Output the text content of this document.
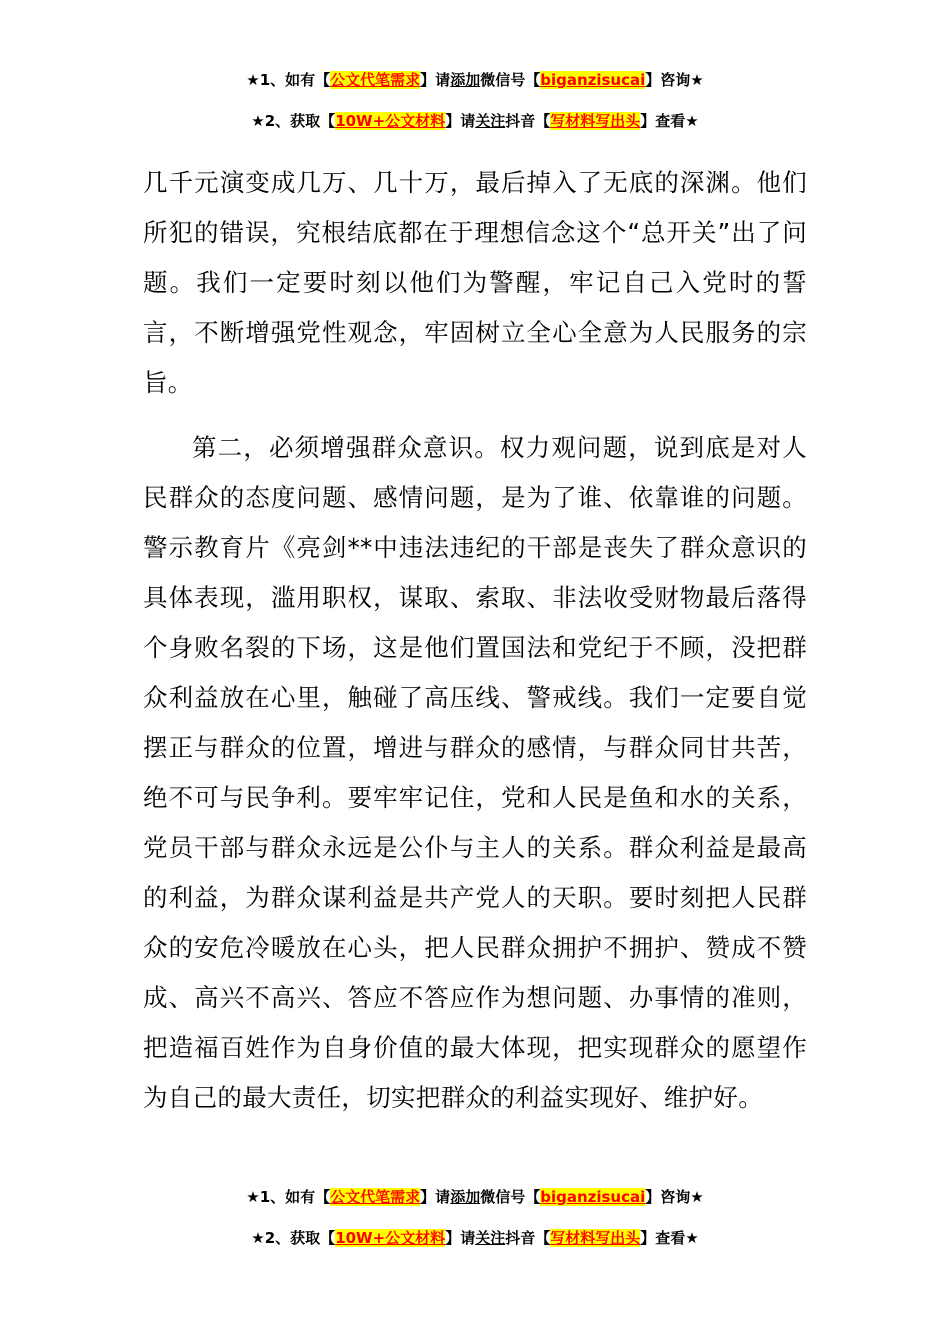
★1、如有【公文代笔需求】请添加微信号【biganzisucai】咨询★
★2、获取【10W+公文材料】请关注抖音【写材料写出头】查看★

几千元演变成几万、几十万，最后掉入了无底的深渊。他们所犯的错误，究根结底都在于理想信念这个“总开关”出了问题。我们一定要时刻以他们为警醒，牢记自己入党时的誓言，不断增强党性观念，牢固树立全心全意为人民服务的宗旨。

第二，必须增强群众意识。权力观问题，说到底是对人民群众的态度问题、感情问题，是为了谁、依靠谁的问题。警示教育片《亮剑**中违法违纪的干部是丧失了群众意识的具体表现，滥用职权，谋取、索取、非法收受财物最后落得个身败名裂的下场，这是他们置国法和党纪于不顾，没把群众利益放在心里，触碰了高压线、警戒线。我们一定要自觉摆正与群众的位置，增进与群众的感情，与群众同甘共苦，绝不可与民争利。要牢牢记住，党和人民是鱼和水的关系，党员干部与群众永远是公仆与主人的关系。群众利益是最高的利益，为群众谋利益是共产党人的天职。要时刻把人民群众的安危冷暖放在心头，把人民群众拥护不拥护、赞成不赞成、高兴不高兴、答应不答应作为想问题、办事情的准则，把造福百姓作为自身价值的最大体现，把实现群众的愿望作为自己的最大责任，切实把群众的利益实现好、维护好。

★1、如有【公文代笔需求】请添加微信号【biganzisucai】咨询★
★2、获取【10W+公文材料】请关注抖音【写材料写出头】查看★
